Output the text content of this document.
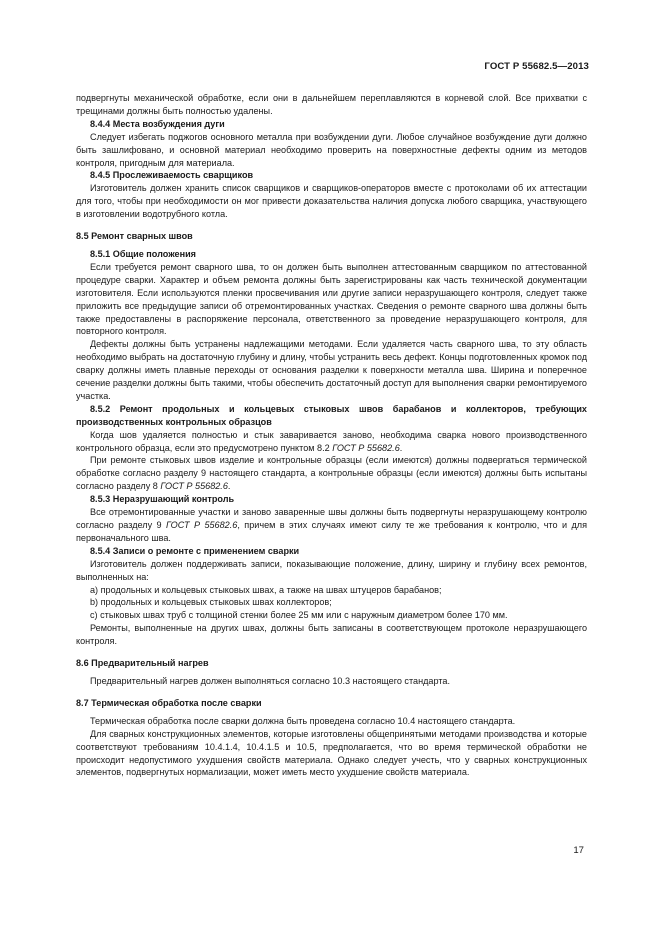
ГОСТ Р 55682.5—2013

подвергнуты механической обработке, если они в дальнейшем переплавляются в корневой слой. Все прихватки с трещинами должны быть полностью удалены.

8.4.4 Места возбуждения дуги

Следует избегать поджогов основного металла при возбуждении дуги. Любое случайное возбуждение дуги должно быть зашлифовано, и основной материал необходимо проверить на поверхностные дефекты одним из методов контроля, пригодным для материала.

8.4.5 Прослеживаемость сварщиков

Изготовитель должен хранить список сварщиков и сварщиков-операторов вместе с протоколами об их аттестации для того, чтобы при необходимости он мог привести доказательства наличия допуска любого сварщика, участвующего в изготовлении водотрубного котла.

8.5 Ремонт сварных швов

8.5.1 Общие положения

Если требуется ремонт сварного шва, то он должен быть выполнен аттестованным сварщиком по аттестованной процедуре сварки. Характер и объем ремонта должны быть зарегистрированы как часть технической документации изготовителя. Если используются пленки просвечивания или другие записи неразрушающего контроля, следует также приложить все предыдущие записи об отремонтированных участках. Сведения о ремонте сварного шва должны быть также предоставлены в распоряжение персонала, ответственного за проведение неразрушающего контроля, для повторного контроля.

Дефекты должны быть устранены надлежащими методами. Если удаляется часть сварного шва, то эту область необходимо выбрать на достаточную глубину и длину, чтобы устранить весь дефект. Концы подготовленных кромок под сварку должны иметь плавные переходы от основания разделки к поверхности металла шва. Ширина и поперечное сечение разделки должны быть такими, чтобы обеспечить достаточный доступ для выполнения сварки ремонтируемого участка.

8.5.2 Ремонт продольных и кольцевых стыковых швов барабанов и коллекторов, требующих производственных контрольных образцов

Когда шов удаляется полностью и стык заваривается заново, необходима сварка нового производственного контрольного образца, если это предусмотрено пунктом 8.2 ГОСТ Р 55682.6.

При ремонте стыковых швов изделие и контрольные образцы (если имеются) должны подвергаться термической обработке согласно разделу 9 настоящего стандарта, а контрольные образцы (если имеются) должны быть испытаны согласно разделу 8 ГОСТ Р 55682.6.

8.5.3 Неразрушающий контроль

Все отремонтированные участки и заново заваренные швы должны быть подвергнуты неразрушающему контролю согласно разделу 9 ГОСТ Р 55682.6, причем в этих случаях имеют силу те же требования к контролю, что и для первоначального шва.

8.5.4 Записи о ремонте с применением сварки

Изготовитель должен поддерживать записи, показывающие положение, длину, ширину и глубину всех ремонтов, выполненных на:

a) продольных и кольцевых стыковых швах, а также на швах штуцеров барабанов;

b) продольных и кольцевых стыковых швах коллекторов;

c) стыковых швах труб с толщиной стенки более 25 мм или с наружным диаметром более 170 мм.

Ремонты, выполненные на других швах, должны быть записаны в соответствующем протоколе неразрушающего контроля.

8.6 Предварительный нагрев

Предварительный нагрев должен выполняться согласно 10.3 настоящего стандарта.

8.7 Термическая обработка после сварки

Термическая обработка после сварки должна быть проведена согласно 10.4 настоящего стандарта.

Для сварных конструкционных элементов, которые изготовлены общепринятыми методами производства и которые соответствуют требованиям 10.4.1.4, 10.4.1.5 и 10.5, предполагается, что во время термической обработки не происходит недопустимого ухудшения свойств материала. Однако следует учесть, что у сварных конструкционных элементов, подвергнутых нормализации, может иметь место ухудшение свойств материала.

17
